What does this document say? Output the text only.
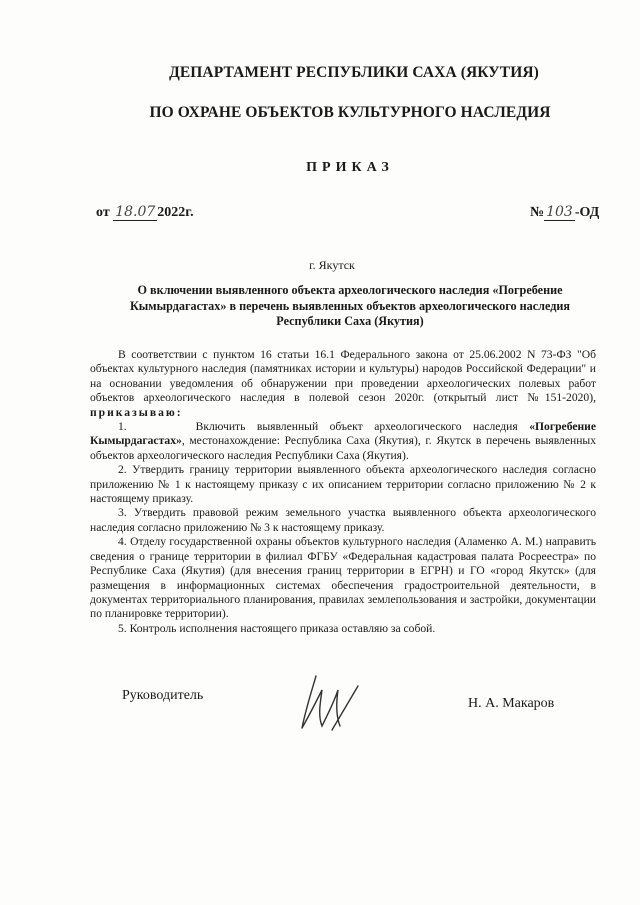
ДЕПАРТАМЕНТ РЕСПУБЛИКИ САХА (ЯКУТИЯ)
ПО ОХРАНЕ ОБЪЕКТОВ КУЛЬТУРНОГО НАСЛЕДИЯ
ПРИКАЗ
от 18.07 2022г.	№ 103 -ОД
г. Якутск
О включении выявленного объекта археологического наследия «Погребение Кымырдагастах» в перечень выявленных объектов археологического наследия Республики Саха (Якутия)

В соответствии с пунктом 16 статьи 16.1 Федерального закона от 25.06.2002 N 73-ФЗ "Об объектах культурного наследия (памятниках истории и культуры) народов Российской Федерации" и на основании уведомления об обнаружении при проведении археологических полевых работ объектов археологического наследия в полевой сезон 2020г. (открытый лист №151-2020), приказываю:

1.	Включить выявленный объект археологического наследия «Погребение Кымырдагастах», местонахождение: Республика Саха (Якутия), г. Якутск в перечень выявленных объектов археологического наследия Республики Саха (Якутия).

2. Утвердить границу территории выявленного объекта археологического наследия согласно приложению № 1 к настоящему приказу с их описанием территории согласно приложению № 2 к настоящему приказу.

3. Утвердить правовой режим земельного участка выявленного объекта археологического наследия согласно приложению № 3 к настоящему приказу.

4. Отделу государственной охраны объектов культурного наследия (Аламенко А. М.) направить сведения о границе территории в филиал ФГБУ «Федеральная кадастровая палата Росреестра» по Республике Саха (Якутия) (для внесения границ территории в ЕГРН) и ГО «город Якутск» (для размещения в информационных системах обеспечения градостроительной деятельности, в документах территориального планирования, правилах землепользования и застройки, документации по планировке территории).

5. Контроль исполнения настоящего приказа оставляю за собой.

Руководитель
Н. А. Макаров
